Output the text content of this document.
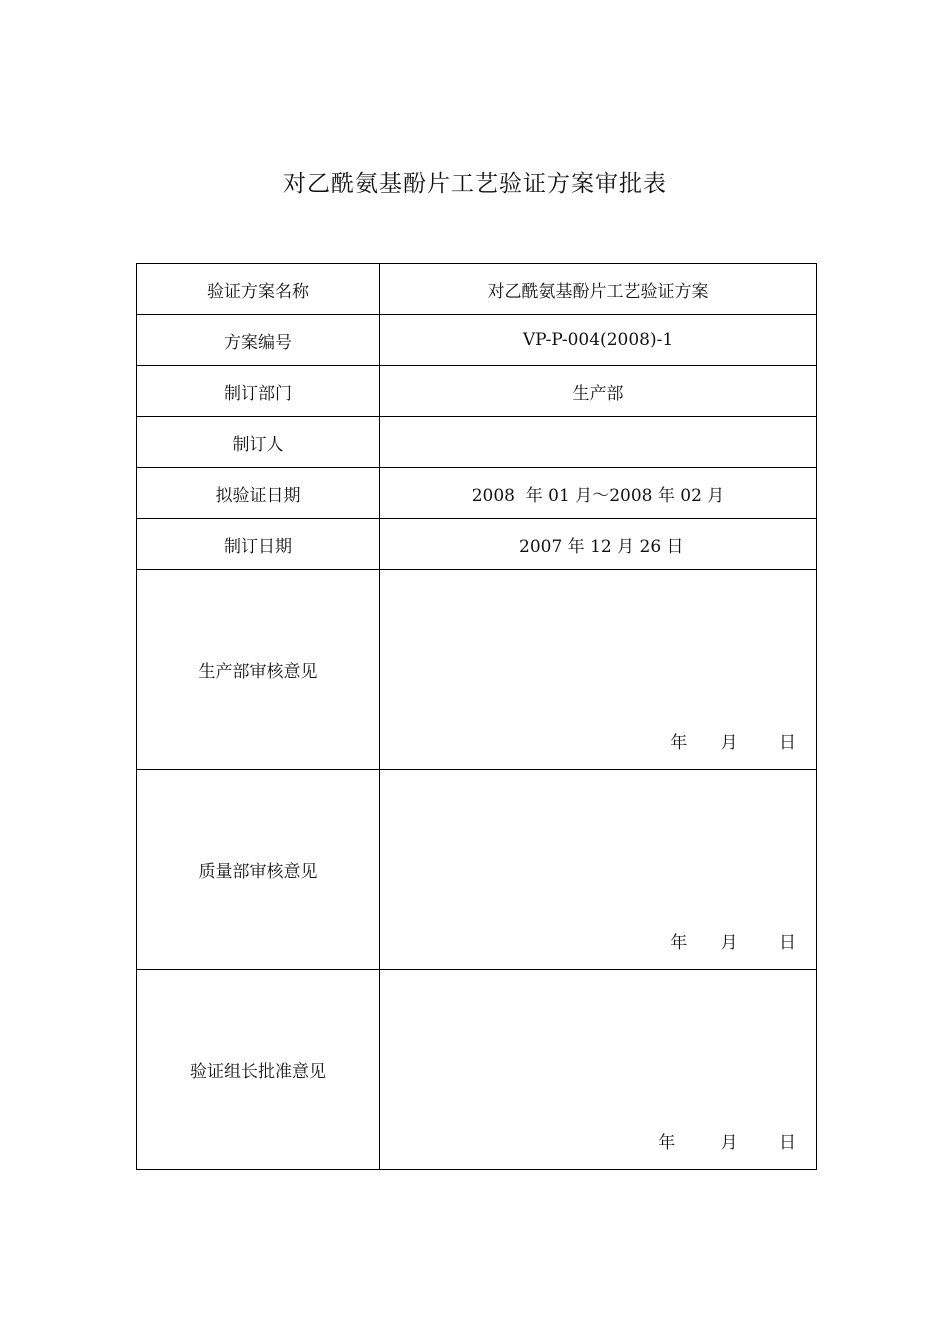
对乙酰氨基酚片工艺验证方案审批表
验证方案名称	对乙酰氨基酚片工艺验证方案
方案编号	VP-P-004(2008)-1
制订部门	生产部
制订人	
拟验证日期	2008  年 01 月～2008 年 02 月
制订日期	2007 年 12 月 26 日
生产部审核意见	年 月 日

质量部审核意见	年 月 日

验证组长批准意见	年 月 日
